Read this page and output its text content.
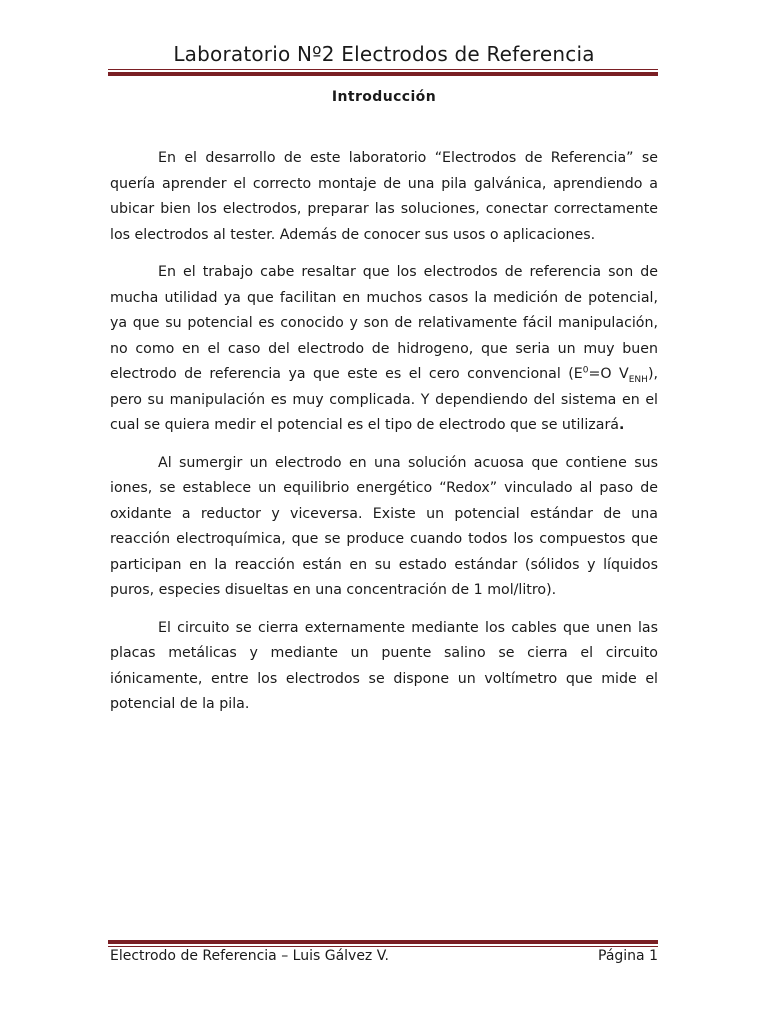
Laboratorio Nº2 Electrodos de Referencia
Introducción

En el desarrollo de este laboratorio “Electrodos de Referencia” se quería aprender el correcto montaje de una pila galvánica, aprendiendo a ubicar bien los electrodos, preparar las soluciones, conectar correctamente los electrodos al tester. Además de conocer sus usos o aplicaciones.

En el trabajo cabe resaltar que los electrodos de referencia son de mucha utilidad ya que facilitan en muchos casos la medición de potencial, ya que su potencial es conocido y son de relativamente fácil manipulación, no como en el caso del electrodo de hidrogeno, que seria un muy buen electrodo de referencia ya que este es el cero convencional ($E^0=O$ $V_{ENH}$), pero su manipulación es muy complicada. Y dependiendo del sistema en el cual se quiera medir el potencial es el tipo de electrodo que se utilizará.

Al sumergir un electrodo en una solución acuosa que contiene sus iones, se establece un equilibrio energético “Redox” vinculado al paso de oxidante a reductor y viceversa. Existe un potencial estándar de una reacción electroquímica, que se produce cuando todos los compuestos que participan en la reacción están en su estado estándar (sólidos y líquidos puros, especies disueltas en una concentración de 1 mol/litro).

El circuito se cierra externamente mediante los cables que unen las placas metálicas y mediante un puente salino se cierra el circuito iónicamente, entre los electrodos se dispone un voltímetro que mide el potencial de la pila.

Electrodo de Referencia – Luis Gálvez V.	Página 1
